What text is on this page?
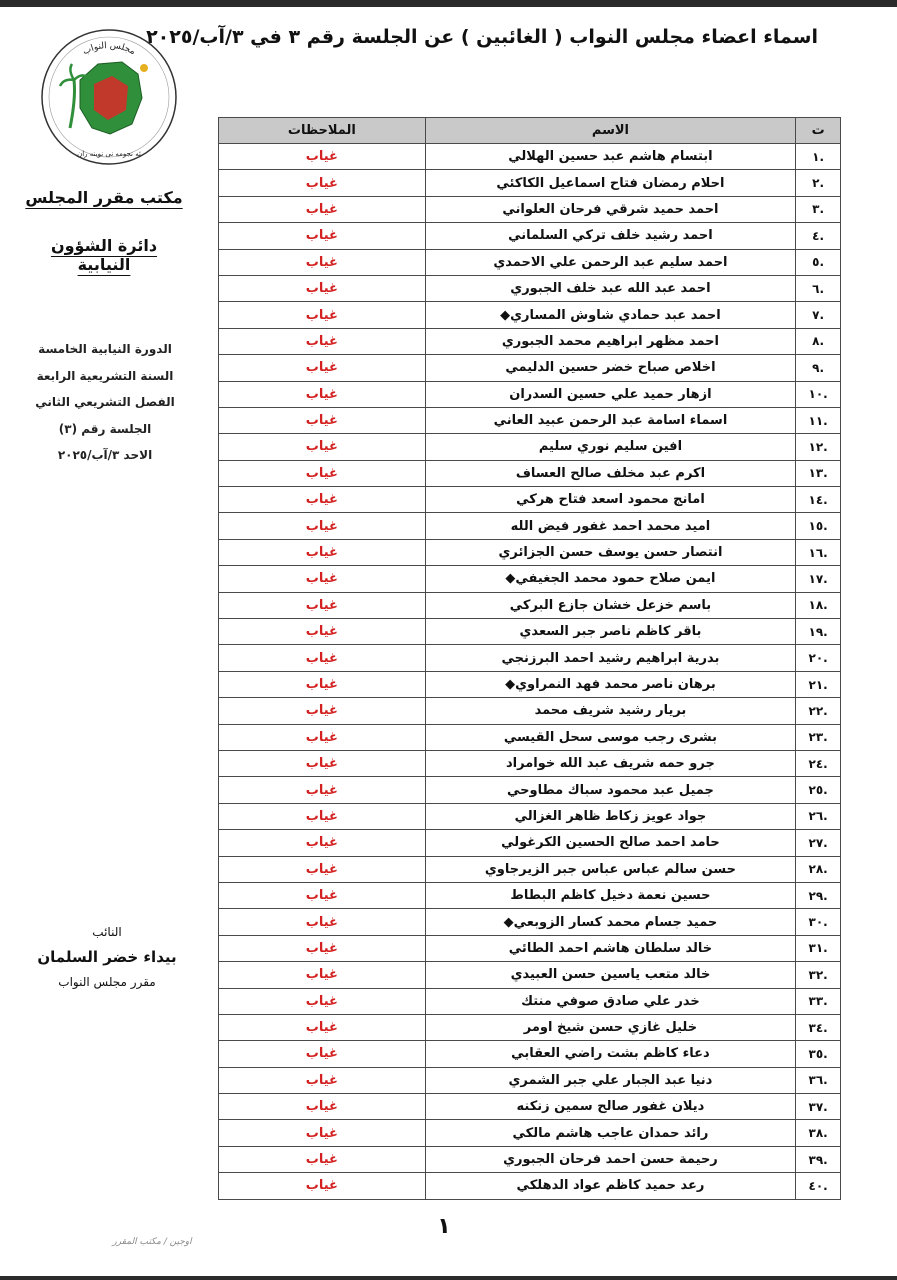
اسماء اعضاء مجلس النواب ( الغائبين ) عن الجلسة رقم ٣ في ٣/آب/٢٠٢٥
مجلس النواب
ئه نجومه نى نوينه ران
مكتب مقرر المجلس
دائرة الشؤون النيابية
الدورة النيابية الخامسة
السنة التشريعية الرابعة
الفصل التشريعي الثاني
الجلسة رقم (٣)
الاحد ٣/آب/٢٠٢٥
النائب
بيداء خضر السلمان
مقرر مجلس النواب
ت	الاسم	الملاحظات
.١	ابتسام هاشم عبد حسين الهلالي	غياب
.٢	احلام رمضان فتاح اسماعيل الكاكئي	غياب
.٣	احمد حميد شرقي فرحان العلواني	غياب
.٤	احمد رشيد خلف تركي السلماني	غياب
.٥	احمد سليم عبد الرحمن علي الاحمدي	غياب
.٦	احمد عبد الله عبد خلف الجبوري	غياب
.٧	احمد عبد حمادي شاوش المساري◆	غياب
.٨	احمد مظهر ابراهيم محمد الجبوري	غياب
.٩	اخلاص صباح خضر حسين الدليمي	غياب
.١٠	ازهار حميد علي حسين السدران	غياب
.١١	اسماء اسامة عبد الرحمن عبيد العاني	غياب
.١٢	افين سليم نوري سليم	غياب
.١٣	اكرم عبد مخلف صالح العساف	غياب
.١٤	امانج محمود اسعد فتاح هركي	غياب
.١٥	اميد محمد احمد غفور فيض الله	غياب
.١٦	انتصار حسن يوسف حسن الجزائري	غياب
.١٧	ايمن صلاح حمود محمد الجغيفي◆	غياب
.١٨	باسم خزعل خشان جازع البركي	غياب
.١٩	باقر كاظم ناصر جبر السعدي	غياب
.٢٠	بدرية ابراهيم رشيد احمد البرزنجي	غياب
.٢١	برهان ناصر محمد فهد النمراوي◆	غياب
.٢٢	بريار رشيد شريف محمد	غياب
.٢٣	بشرى رجب موسى سحل القيسي	غياب
.٢٤	جرو حمه شريف عبد الله خوامراد	غياب
.٢٥	جميل عبد محمود سباك مطاوحي	غياب
.٢٦	جواد عويز زكاط ظاهر الغزالي	غياب
.٢٧	حامد احمد صالح الحسين الكرغولي	غياب
.٢٨	حسن سالم عباس عباس جبر الزيرجاوي	غياب
.٢٩	حسين نعمة دخيل كاظم البطاط	غياب
.٣٠	حميد جسام محمد كسار الزوبعي◆	غياب
.٣١	خالد سلطان هاشم احمد الطائي	غياب
.٣٢	خالد متعب ياسين حسن العبيدي	غياب
.٣٣	خدر علي صادق صوفي منتك	غياب
.٣٤	خليل غازي حسن شيخ اومر	غياب
.٣٥	دعاء كاظم بشت راضي العقابي	غياب
.٣٦	دنيا عبد الجبار علي جبر الشمري	غياب
.٣٧	ديلان غفور صالح سمين زنكنه	غياب
.٣٨	رائد حمدان عاجب هاشم مالكي	غياب
.٣٩	رحيمة حسن احمد فرحان الجبوري	غياب
.٤٠	رعد حميد كاظم عواد الدهلكي	غياب
١
اوجين / مكتب المقرر
